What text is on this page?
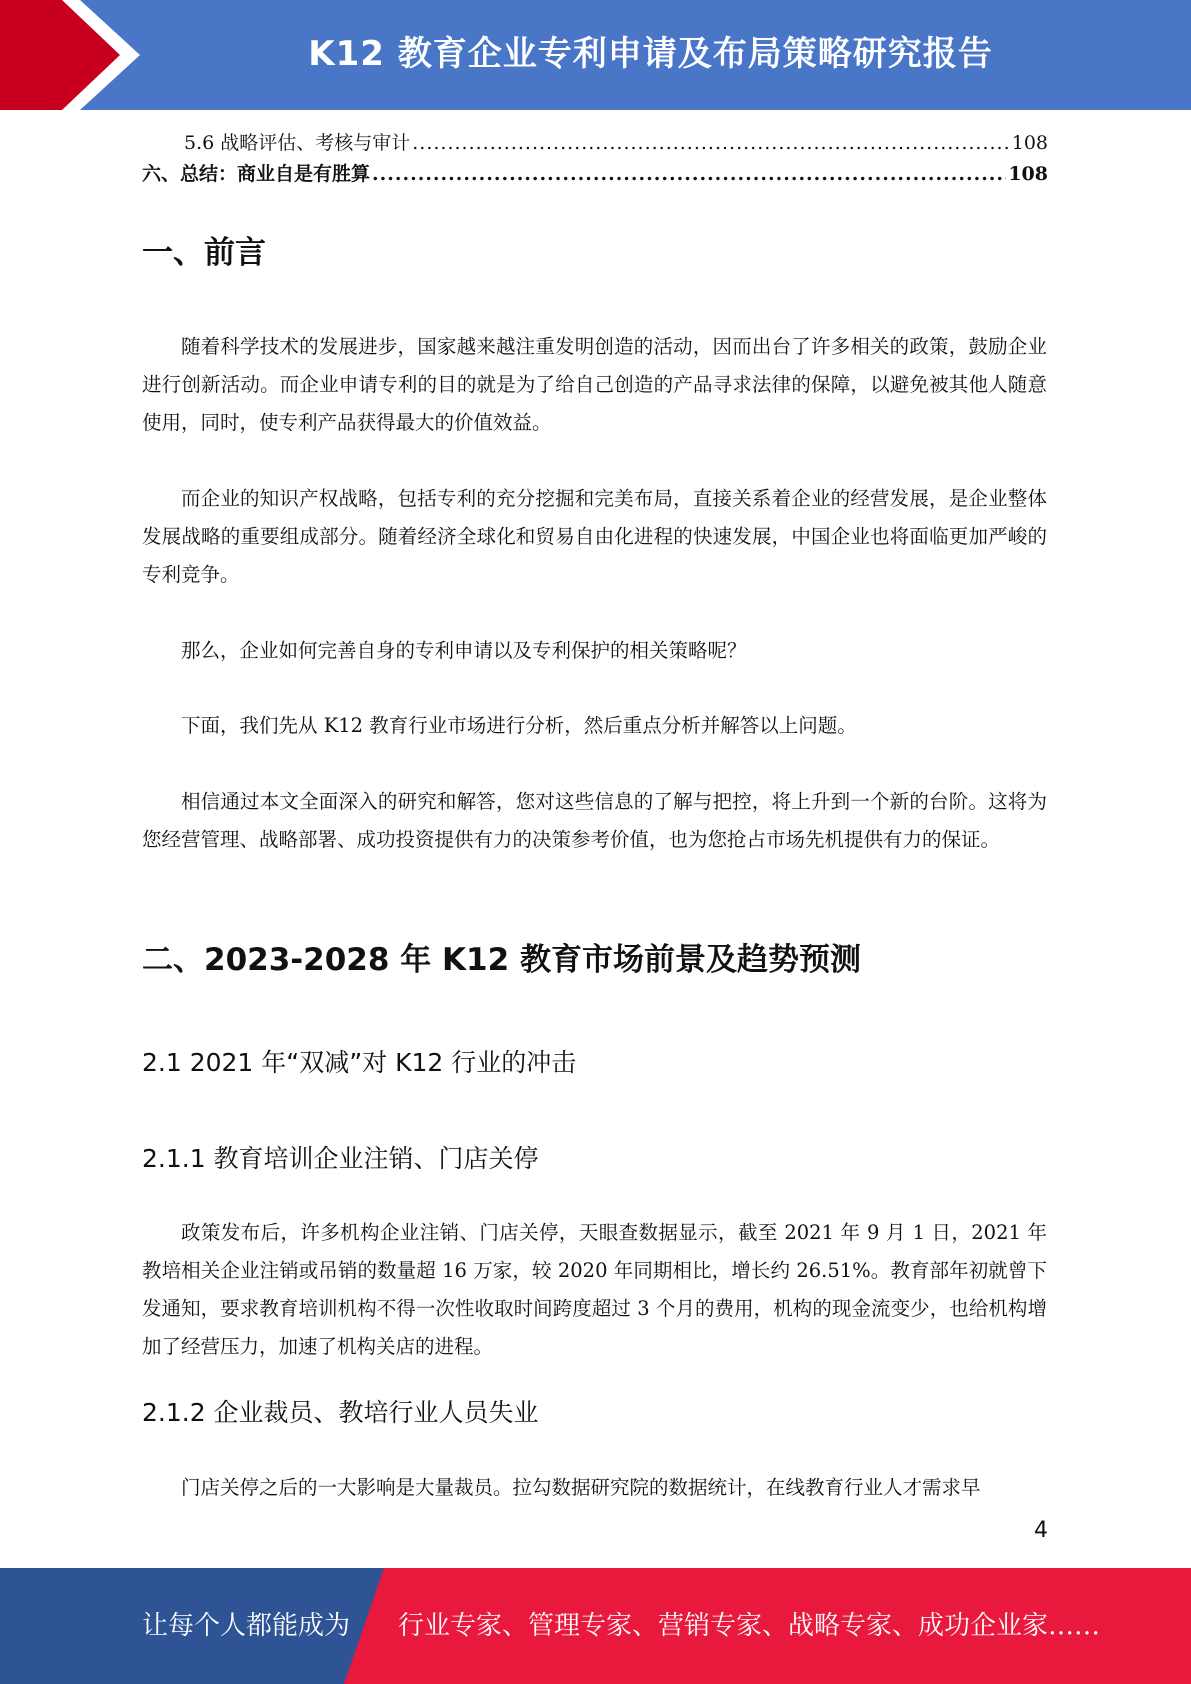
K12 教育企业专利申请及布局策略研究报告
5.6 战略评估、考核与审计 .....	108
六、总结：商业自是有胜算 .....	108
一、前言

随着科学技术的发展进步，国家越来越注重发明创造的活动，因而出台了许多相关的政策，鼓励企业进行创新活动。而企业申请专利的目的就是为了给自己创造的产品寻求法律的保障，以避免被其他人随意使用，同时，使专利产品获得最大的价值效益。

而企业的知识产权战略，包括专利的充分挖掘和完美布局，直接关系着企业的经营发展，是企业整体发展战略的重要组成部分。随着经济全球化和贸易自由化进程的快速发展，中国企业也将面临更加严峻的专利竞争。

那么，企业如何完善自身的专利申请以及专利保护的相关策略呢？

下面，我们先从 K12 教育行业市场进行分析，然后重点分析并解答以上问题。

相信通过本文全面深入的研究和解答，您对这些信息的了解与把控，将上升到一个新的台阶。这将为您经营管理、战略部署、成功投资提供有力的决策参考价值，也为您抢占市场先机提供有力的保证。

二、2023-2028 年 K12 教育市场前景及趋势预测
2.1 2021 年“双减”对 K12 行业的冲击
2.1.1 教育培训企业注销、门店关停

政策发布后，许多机构企业注销、门店关停，天眼查数据显示，截至 2021 年 9 月 1 日，2021 年教培相关企业注销或吊销的数量超 16 万家，较 2020 年同期相比，增长约 26.51%。教育部年初就曾下发通知，要求教育培训机构不得一次性收取时间跨度超过 3 个月的费用，机构的现金流变少，也给机构增加了经营压力，加速了机构关店的进程。

2.1.2 企业裁员、教培行业人员失业

门店关停之后的一大影响是大量裁员。拉勾数据研究院的数据统计，在线教育行业人才需求早

4
让每个人都能成为 行业专家、管理专家、营销专家、战略专家、成功企业家……
